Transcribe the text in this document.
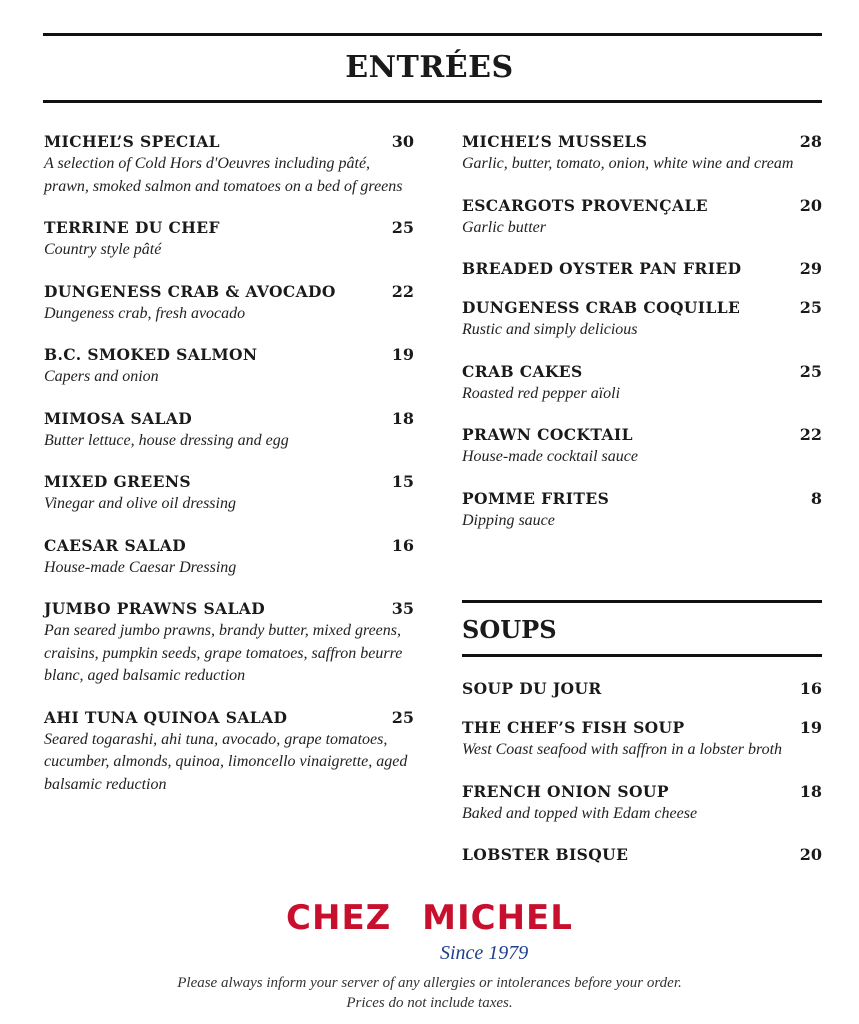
ENTRÉES
MICHEL’S SPECIAL	30
A selection of Cold Hors d'Oeuvres including pâté, prawn, smoked salmon and tomatoes on a bed of greens
TERRINE DU CHEF	25
Country style pâté
DUNGENESS CRAB & AVOCADO	22
Dungeness crab, fresh avocado
B.C. SMOKED SALMON	19
Capers and onion
MIMOSA SALAD	18
Butter lettuce, house dressing and egg
MIXED GREENS	15
Vinegar and olive oil dressing
CAESAR SALAD	16
House-made Caesar Dressing
JUMBO PRAWNS SALAD	35
Pan seared jumbo prawns, brandy butter, mixed greens, craisins, pumpkin seeds, grape tomatoes, saffron beurre blanc, aged balsamic reduction
AHI TUNA QUINOA SALAD	25
Seared togarashi, ahi tuna, avocado, grape tomatoes, cucumber, almonds, quinoa, limoncello vinaigrette, aged balsamic reduction
MICHEL’S MUSSELS	28
Garlic, butter, tomato, onion, white wine and cream
ESCARGOTS PROVENÇALE	20
Garlic butter
BREADED OYSTER PAN FRIED	29
DUNGENESS CRAB COQUILLE	25
Rustic and simply delicious
CRAB CAKES	25
Roasted red pepper aïoli
PRAWN COCKTAIL	22
House-made cocktail sauce
POMME FRITES	8
Dipping sauce
SOUPS
SOUP DU JOUR	16
THE CHEF’S FISH SOUP	19
West Coast seafood with saffron in a lobster broth
FRENCH ONION SOUP	18
Baked and topped with Edam cheese
LOBSTER BISQUE	20
CHEZ MICHEL
Since 1979
Please always inform your server of any allergies or intolerances before your order.
Prices do not include taxes.
